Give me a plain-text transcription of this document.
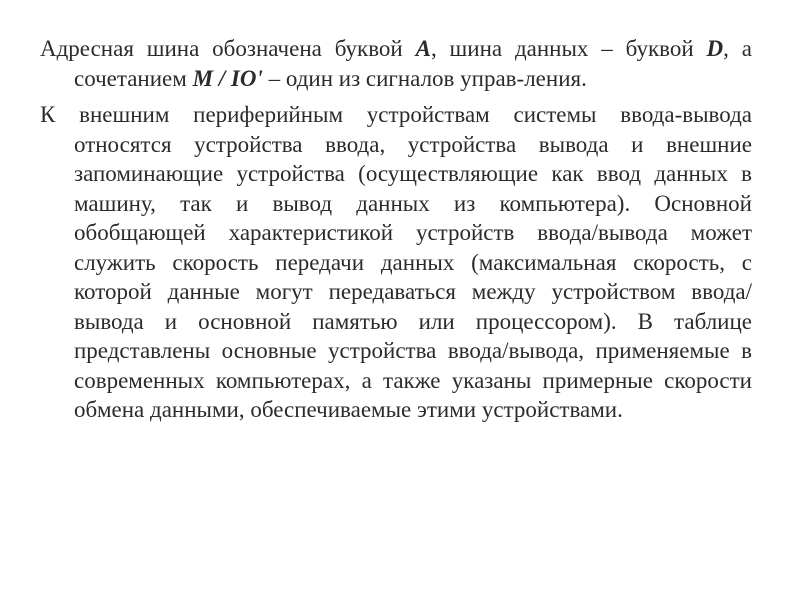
Адресная шина обозначена буквой A, шина данных – буквой D, а сочетанием M / IO' – один из сигналов управ-ления.

К внешним периферийным устройствам системы ввода-вывода относятся устройства ввода, устройства вывода и внешние запоминающие устройства (осуществляющие как ввод данных в машину, так и вывод данных из компьютера). Основной обобщающей характеристикой устройств ввода/вывода может служить скорость передачи данных (максимальная скорость, с которой данные могут передаваться между устройством ввода/вывода и основной памятью или процессором). В таблице представлены основные устройства ввода/вывода, применяемые в современных компьютерах, а также указаны примерные скорости обмена данными, обеспечиваемые этими устройствами.
